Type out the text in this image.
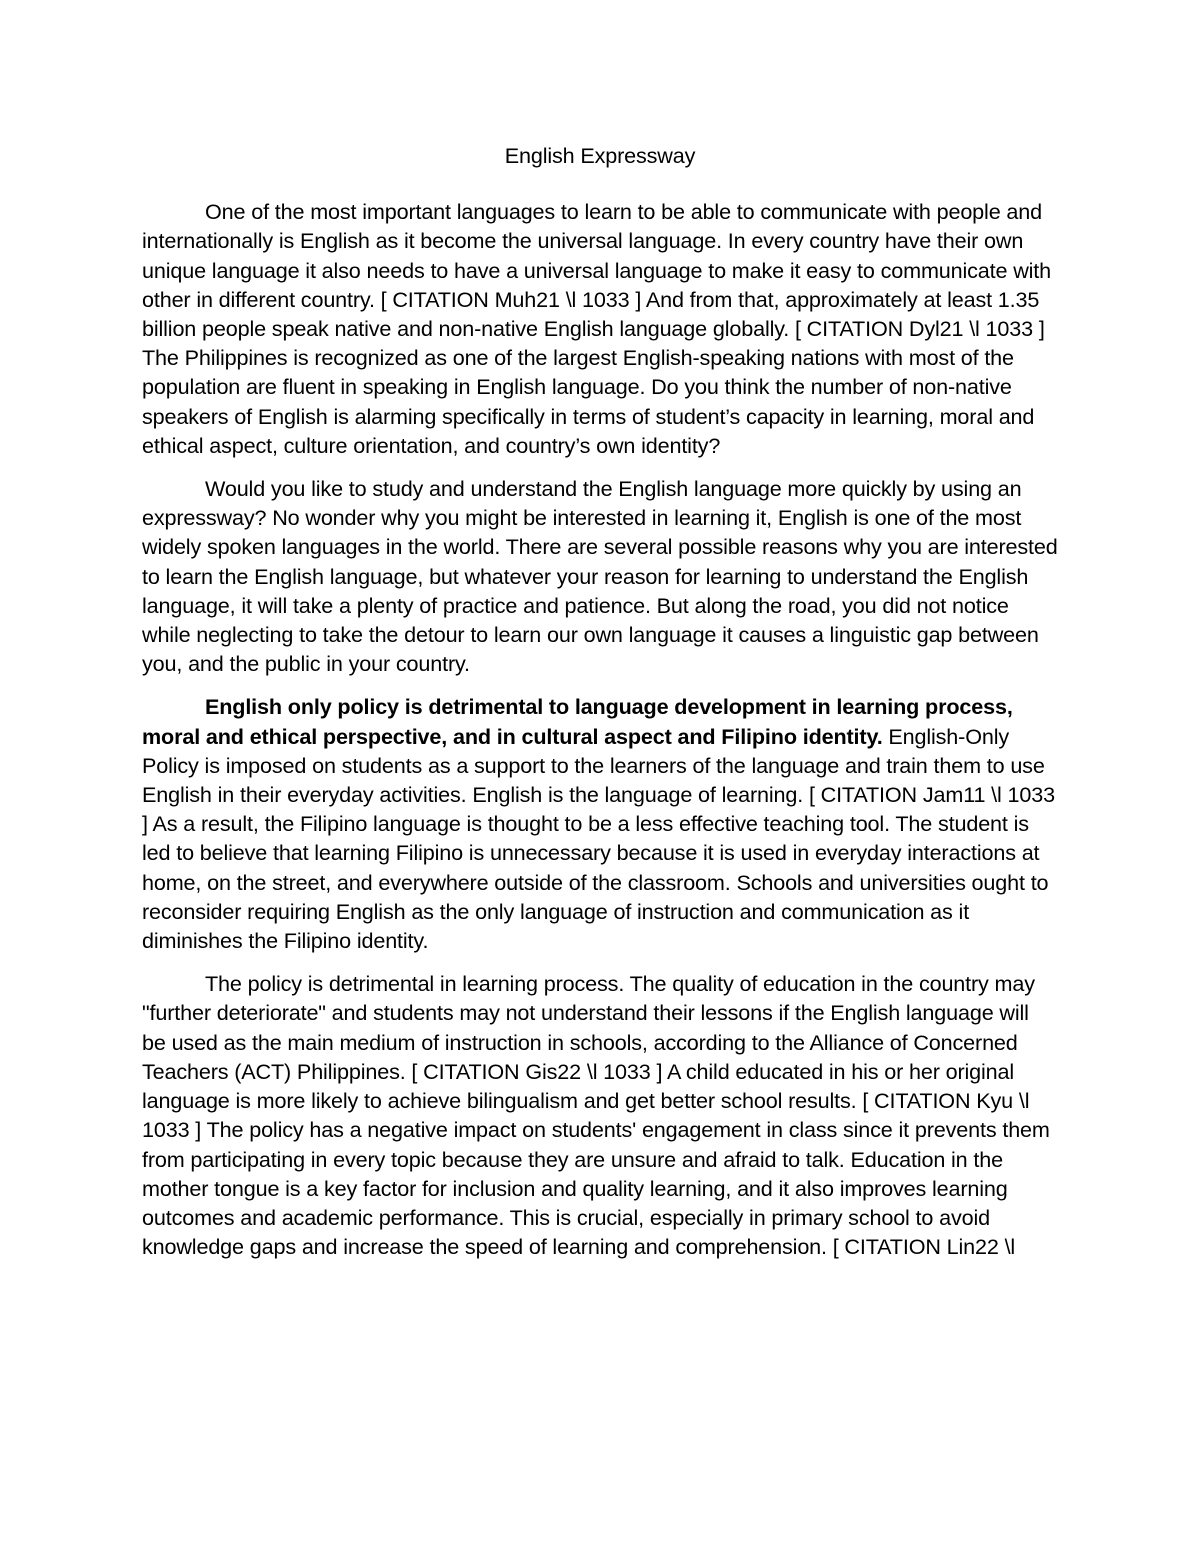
English Expressway

One of the most important languages to learn to be able to communicate with people and internationally is English as it become the universal language. In every country have their own unique language it also needs to have a universal language to make it easy to communicate with other in different country. [ CITATION Muh21 \l 1033 ] And from that, approximately at least 1.35 billion people speak native and non-native English language globally. [ CITATION Dyl21 \l 1033 ] The Philippines is recognized as one of the largest English-speaking nations with most of the population are fluent in speaking in English language. Do you think the number of non-native speakers of English is alarming specifically in terms of student’s capacity in learning, moral and ethical aspect, culture orientation, and country’s own identity?

Would you like to study and understand the English language more quickly by using an expressway? No wonder why you might be interested in learning it, English is one of the most widely spoken languages in the world. There are several possible reasons why you are interested to learn the English language, but whatever your reason for learning to understand the English language, it will take a plenty of practice and patience. But along the road, you did not notice while neglecting to take the detour to learn our own language it causes a linguistic gap between you, and the public in your country.

English only policy is detrimental to language development in learning process, moral and ethical perspective, and in cultural aspect and Filipino identity. English-Only Policy is imposed on students as a support to the learners of the language and train them to use English in their everyday activities. English is the language of learning. [ CITATION Jam11 \l 1033 ] As a result, the Filipino language is thought to be a less effective teaching tool. The student is led to believe that learning Filipino is unnecessary because it is used in everyday interactions at home, on the street, and everywhere outside of the classroom. Schools and universities ought to reconsider requiring English as the only language of instruction and communication as it diminishes the Filipino identity.

The policy is detrimental in learning process. The quality of education in the country may "further deteriorate" and students may not understand their lessons if the English language will be used as the main medium of instruction in schools, according to the Alliance of Concerned Teachers (ACT) Philippines. [ CITATION Gis22 \l 1033 ] A child educated in his or her original language is more likely to achieve bilingualism and get better school results. [ CITATION Kyu \l 1033 ] The policy has a negative impact on students' engagement in class since it prevents them from participating in every topic because they are unsure and afraid to talk. Education in the mother tongue is a key factor for inclusion and quality learning, and it also improves learning outcomes and academic performance. This is crucial, especially in primary school to avoid knowledge gaps and increase the speed of learning and comprehension. [ CITATION Lin22 \l
